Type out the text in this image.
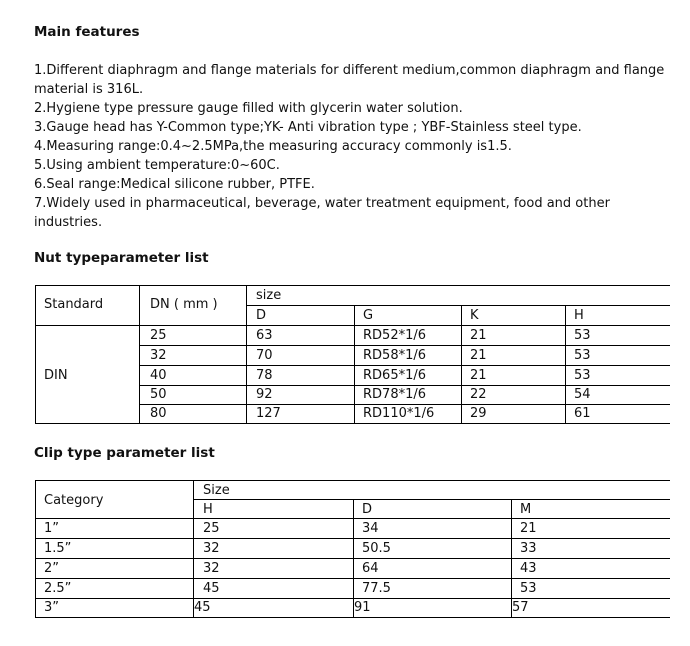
Main features

1.Different diaphragm and flange materials for different medium,common diaphragm and flange

material is 316L.

2.Hygiene type pressure gauge filled with glycerin water solution.

3.Gauge head has Y-Common type;YK- Anti vibration type ; YBF-Stainless steel type.

4.Measuring range:0.4~2.5MPa,the measuring accuracy commonly is1.5.

5.Using ambient temperature:0~60C.

6.Seal range:Medical silicone rubber, PTFE.

7.Widely used in pharmaceutical, beverage, water treatment equipment, food and other

industries.

Nut typeparameter list
Standard	DN ( mm )
size
D	G	K	H
DIN
25	63	RD52*1/6	21	53
32	70	RD58*1/6	21	53
40	78	RD65*1/6	21	53
50	92	RD78*1/6	22	54
80	127	RD110*1/6	29	61
Clip type parameter list
Category
Size
H	D	M
1”	25	34	21
1.5”	32	50.5	33
2”	32	64	43
2.5”	45	77.5	53
3”	45	91	57
